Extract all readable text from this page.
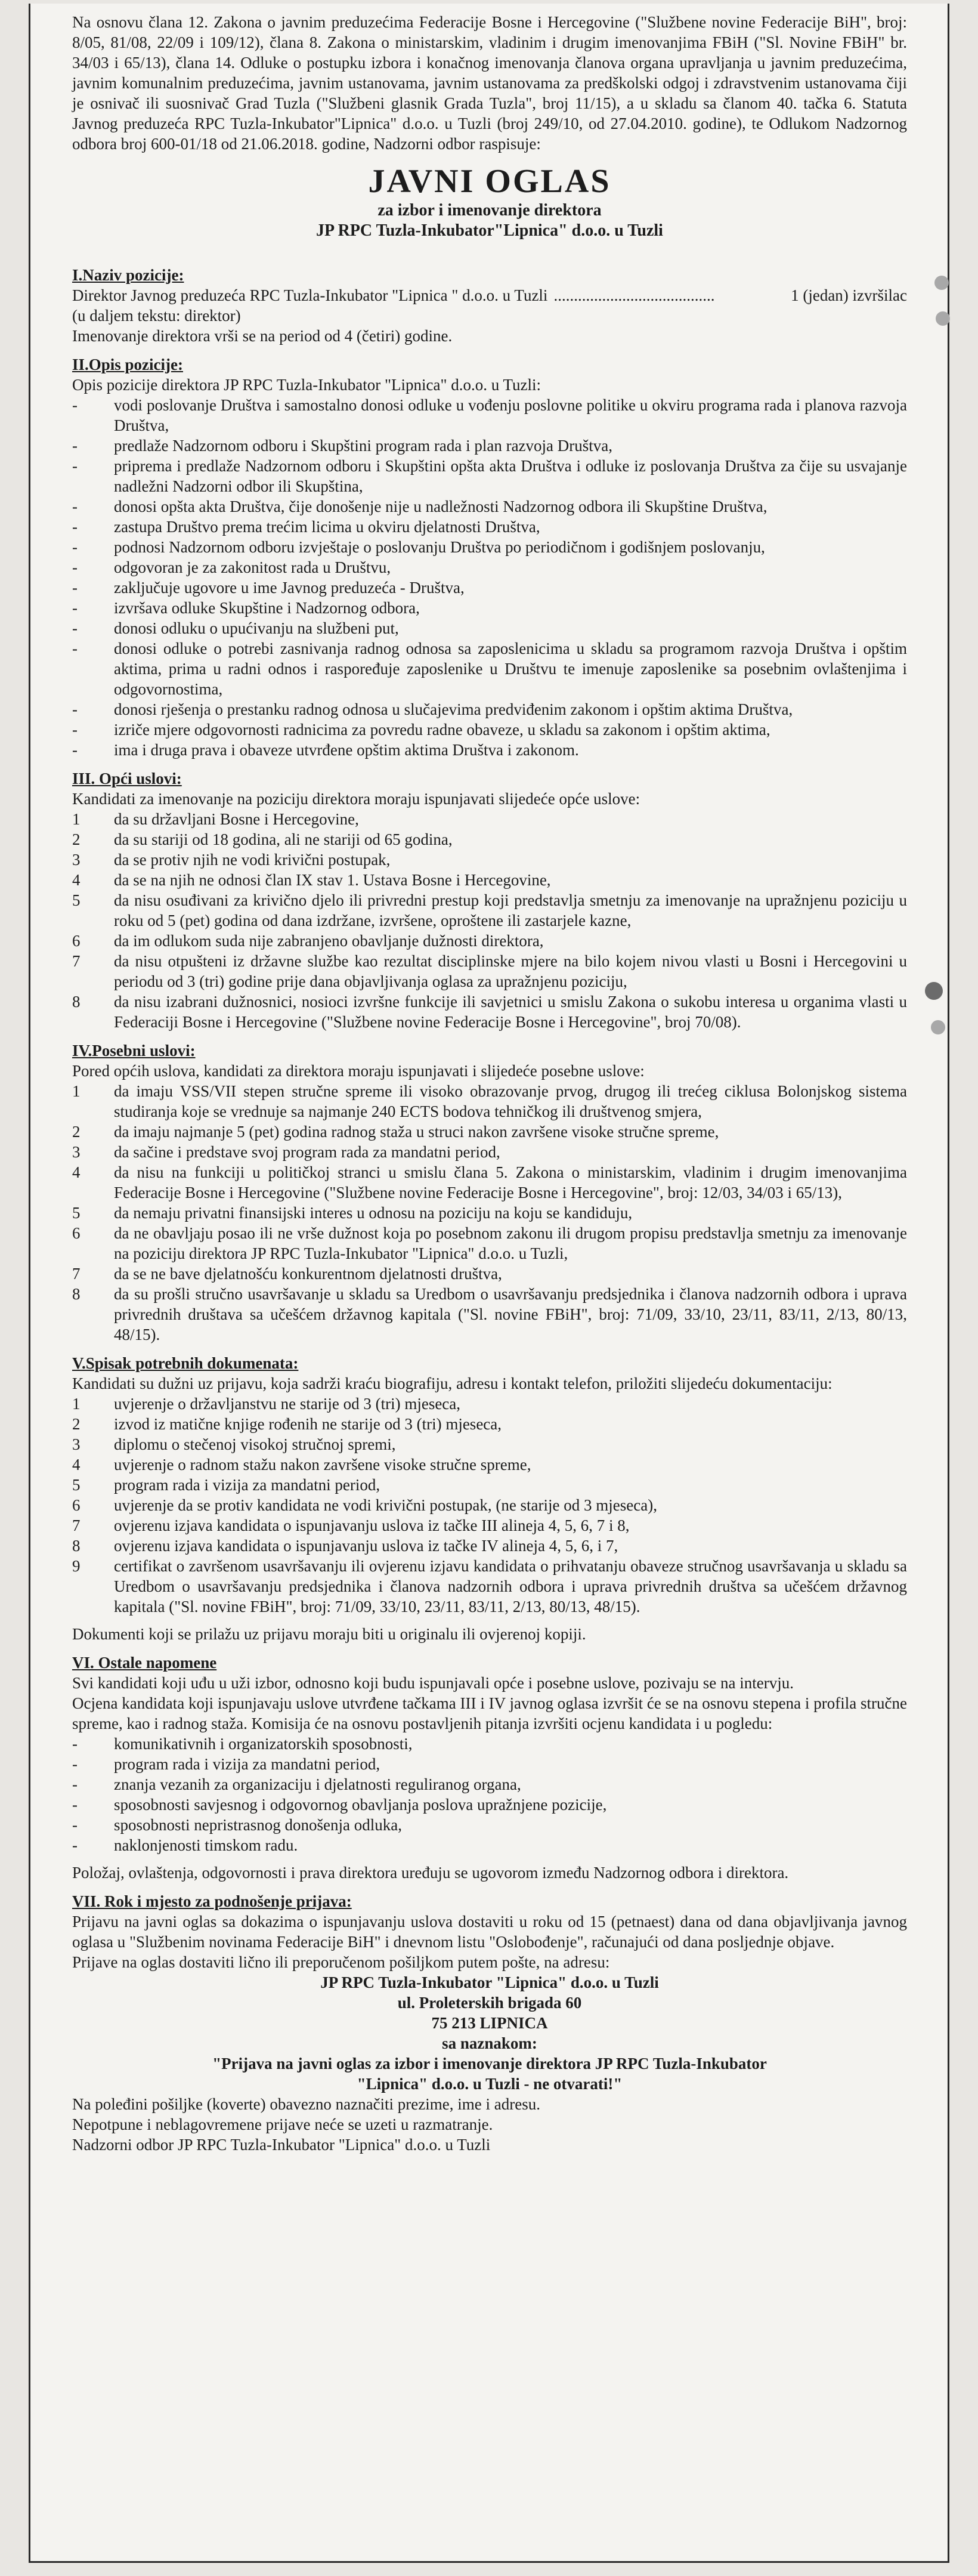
Na osnovu člana 12. Zakona o javnim preduzećima Federacije Bosne i Hercegovine ("Službene novine Federacije BiH", broj: 8/05, 81/08, 22/09 i 109/12), člana 8. Zakona o ministarskim, vladinim i drugim imenovanjima FBiH ("Sl. Novine FBiH" br. 34/03 i 65/13), člana 14. Odluke o postupku izbora i konačnog imenovanja članova organa upravljanja u javnim preduzećima, javnim komunalnim preduzećima, javnim ustanovama, javnim ustanovama za predškolski odgoj i zdravstvenim ustanovama čiji je osnivač ili suosnivač Grad Tuzla ("Službeni glasnik Grada Tuzla", broj 11/15), a u skladu sa članom 40. tačka 6. Statuta Javnog preduzeća RPC Tuzla-Inkubator"Lipnica" d.o.o. u Tuzli (broj 249/10, od 27.04.2010. godine), te Odlukom Nadzornog odbora broj 600-01/18 od 21.06.2018. godine, Nadzorni odbor raspisuje:

JAVNI OGLAS

za izbor i imenovanje direktora

JP RPC Tuzla-Inkubator"Lipnica" d.o.o. u Tuzli

I.Naziv pozicije:

Direktor Javnog preduzeća RPC Tuzla-Inkubator "Lipnica " d.o.o. u Tuzli ........................................	1 (jedan) izvršilac

(u daljem tekstu: direktor)

Imenovanje direktora vrši se na period od 4 (četiri) godine.

II.Opis pozicije:

Opis pozicije direktora JP RPC Tuzla-Inkubator "Lipnica" d.o.o. u Tuzli:

- vodi poslovanje Društva i samostalno donosi odluke u vođenju poslovne politike u okviru programa rada i planova razvoja Društva,
- predlaže Nadzornom odboru i Skupštini program rada i plan razvoja Društva,
- priprema i predlaže Nadzornom odboru i Skupštini opšta akta Društva i odluke iz poslovanja Društva za čije su usvajanje nadležni Nadzorni odbor ili Skupština,
- donosi opšta akta Društva, čije donošenje nije u nadležnosti Nadzornog odbora ili Skupštine Društva,
- zastupa Društvo prema trećim licima u okviru djelatnosti Društva,
- podnosi Nadzornom odboru izvještaje o poslovanju Društva po periodičnom i godišnjem poslovanju,
- odgovoran je za zakonitost rada u Društvu,
- zaključuje ugovore u ime Javnog preduzeća - Društva,
- izvršava odluke Skupštine i Nadzornog odbora,
- donosi odluku o upućivanju na službeni put,
- donosi odluke o potrebi zasnivanja radnog odnosa sa zaposlenicima u skladu sa programom razvoja Društva i opštim aktima, prima u radni odnos i raspoređuje zaposlenike u Društvu te imenuje zaposlenike sa posebnim ovlaštenjima i odgovornostima,
- donosi rješenja o prestanku radnog odnosa u slučajevima predviđenim zakonom i opštim aktima Društva,
- izriče mjere odgovornosti radnicima za povredu radne obaveze, u skladu sa zakonom i opštim aktima,
- ima i druga prava i obaveze utvrđene opštim aktima Društva i zakonom.

III. Opći uslovi:

Kandidati za imenovanje na poziciju direktora moraju ispunjavati slijedeće opće uslove:

1 da su državljani Bosne i Hercegovine,
2 da su stariji od 18 godina, ali ne stariji od 65 godina,
3 da se protiv njih ne vodi krivični postupak,
4 da se na njih ne odnosi član IX stav 1. Ustava Bosne i Hercegovine,
5 da nisu osuđivani za krivično djelo ili privredni prestup koji predstavlja smetnju za imenovanje na upražnjenu poziciju u roku od 5 (pet) godina od dana izdržane, izvršene, oproštene ili zastarjele kazne,
6 da im odlukom suda nije zabranjeno obavljanje dužnosti direktora,
7 da nisu otpušteni iz državne službe kao rezultat disciplinske mjere na bilo kojem nivou vlasti u Bosni i Hercegovini u periodu od 3 (tri) godine prije dana objavljivanja oglasa za upražnjenu poziciju,
8 da nisu izabrani dužnosnici, nosioci izvršne funkcije ili savjetnici u smislu Zakona o sukobu interesa u organima vlasti u Federaciji Bosne i Hercegovine ("Službene novine Federacije Bosne i Hercegovine", broj 70/08).

IV.Posebni uslovi:

Pored općih uslova, kandidati za direktora moraju ispunjavati i slijedeće posebne uslove:

1 da imaju VSS/VII stepen stručne spreme ili visoko obrazovanje prvog, drugog ili trećeg ciklusa Bolonjskog sistema studiranja koje se vrednuje sa najmanje 240 ECTS bodova tehničkog ili društvenog smjera,
2 da imaju najmanje 5 (pet) godina radnog staža u struci nakon završene visoke stručne spreme,
3 da sačine i predstave svoj program rada za mandatni period,
4 da nisu na funkciji u političkoj stranci u smislu člana 5. Zakona o ministarskim, vladinim i drugim imenovanjima Federacije Bosne i Hercegovine ("Službene novine Federacije Bosne i Hercegovine", broj: 12/03, 34/03 i 65/13),
5 da nemaju privatni finansijski interes u odnosu na poziciju na koju se kandiduju,
6 da ne obavljaju posao ili ne vrše dužnost koja po posebnom zakonu ili drugom propisu predstavlja smetnju za imenovanje na poziciju direktora JP RPC Tuzla-Inkubator "Lipnica" d.o.o. u Tuzli,
7 da se ne bave djelatnošću konkurentnom djelatnosti društva,
8 da su prošli stručno usavršavanje u skladu sa Uredbom o usavršavanju predsjednika i članova nadzornih odbora i uprava privrednih društava sa učešćem državnog kapitala ("Sl. novine FBiH", broj: 71/09, 33/10, 23/11, 83/11, 2/13, 80/13, 48/15).

V.Spisak potrebnih dokumenata:

Kandidati su dužni uz prijavu, koja sadrži kraću biografiju, adresu i kontakt telefon, priložiti slijedeću dokumentaciju:

1 uvjerenje o državljanstvu ne starije od 3 (tri) mjeseca,
2 izvod iz matične knjige rođenih ne starije od 3 (tri) mjeseca,
3 diplomu o stečenoj visokoj stručnoj spremi,
4 uvjerenje o radnom stažu nakon završene visoke stručne spreme,
5 program rada i vizija za mandatni period,
6 uvjerenje da se protiv kandidata ne vodi krivični postupak, (ne starije od 3 mjeseca),
7 ovjerenu izjava kandidata o ispunjavanju uslova iz tačke III alineja 4, 5, 6, 7 i 8,
8 ovjerenu izjava kandidata o ispunjavanju uslova iz tačke IV alineja 4, 5, 6, i 7,
9 certifikat o završenom usavršavanju ili ovjerenu izjavu kandidata o prihvatanju obaveze stručnog usavršavanja u skladu sa Uredbom o usavršavanju predsjednika i članova nadzornih odbora i uprava privrednih društva sa učešćem državnog kapitala ("Sl. novine FBiH", broj: 71/09, 33/10, 23/11, 83/11, 2/13, 80/13, 48/15).

Dokumenti koji se prilažu uz prijavu moraju biti u originalu ili ovjerenoj kopiji.

VI. Ostale napomene

Svi kandidati koji uđu u uži izbor, odnosno koji budu ispunjavali opće i posebne uslove, pozivaju se na intervju.

Ocjena kandidata koji ispunjavaju uslove utvrđene tačkama III i IV javnog oglasa izvršit će se na osnovu stepena i profila stručne spreme, kao i radnog staža. Komisija će na osnovu postavljenih pitanja izvršiti ocjenu kandidata i u pogledu:

- komunikativnih i organizatorskih sposobnosti,
- program rada i vizija za mandatni period,
- znanja vezanih za organizaciju i djelatnosti reguliranog organa,
- sposobnosti savjesnog i odgovornog obavljanja poslova upražnjene pozicije,
- sposobnosti nepristrasnog donošenja odluka,
- naklonjenosti timskom radu.

Položaj, ovlaštenja, odgovornosti i prava direktora uređuju se ugovorom između Nadzornog odbora i direktora.

VII. Rok i mjesto za podnošenje prijava:

Prijavu na javni oglas sa dokazima o ispunjavanju uslova dostaviti u roku od 15 (petnaest) dana od dana objavljivanja javnog oglasa u "Službenim novinama Federacije BiH" i dnevnom listu "Oslobođenje", računajući od dana posljednje objave.

Prijave na oglas dostaviti lično ili preporučenom pošiljkom putem pošte, na adresu:

JP RPC Tuzla-Inkubator "Lipnica" d.o.o. u Tuzli

ul. Proleterskih brigada 60

75 213 LIPNICA

sa naznakom:

"Prijava na javni oglas za izbor i imenovanje direktora JP RPC Tuzla-Inkubator

"Lipnica" d.o.o. u Tuzli - ne otvarati!"

Na poleđini pošiljke (koverte) obavezno naznačiti prezime, ime i adresu.

Nepotpune i neblagovremene prijave neće se uzeti u razmatranje.

Nadzorni odbor JP RPC Tuzla-Inkubator "Lipnica" d.o.o. u Tuzli
